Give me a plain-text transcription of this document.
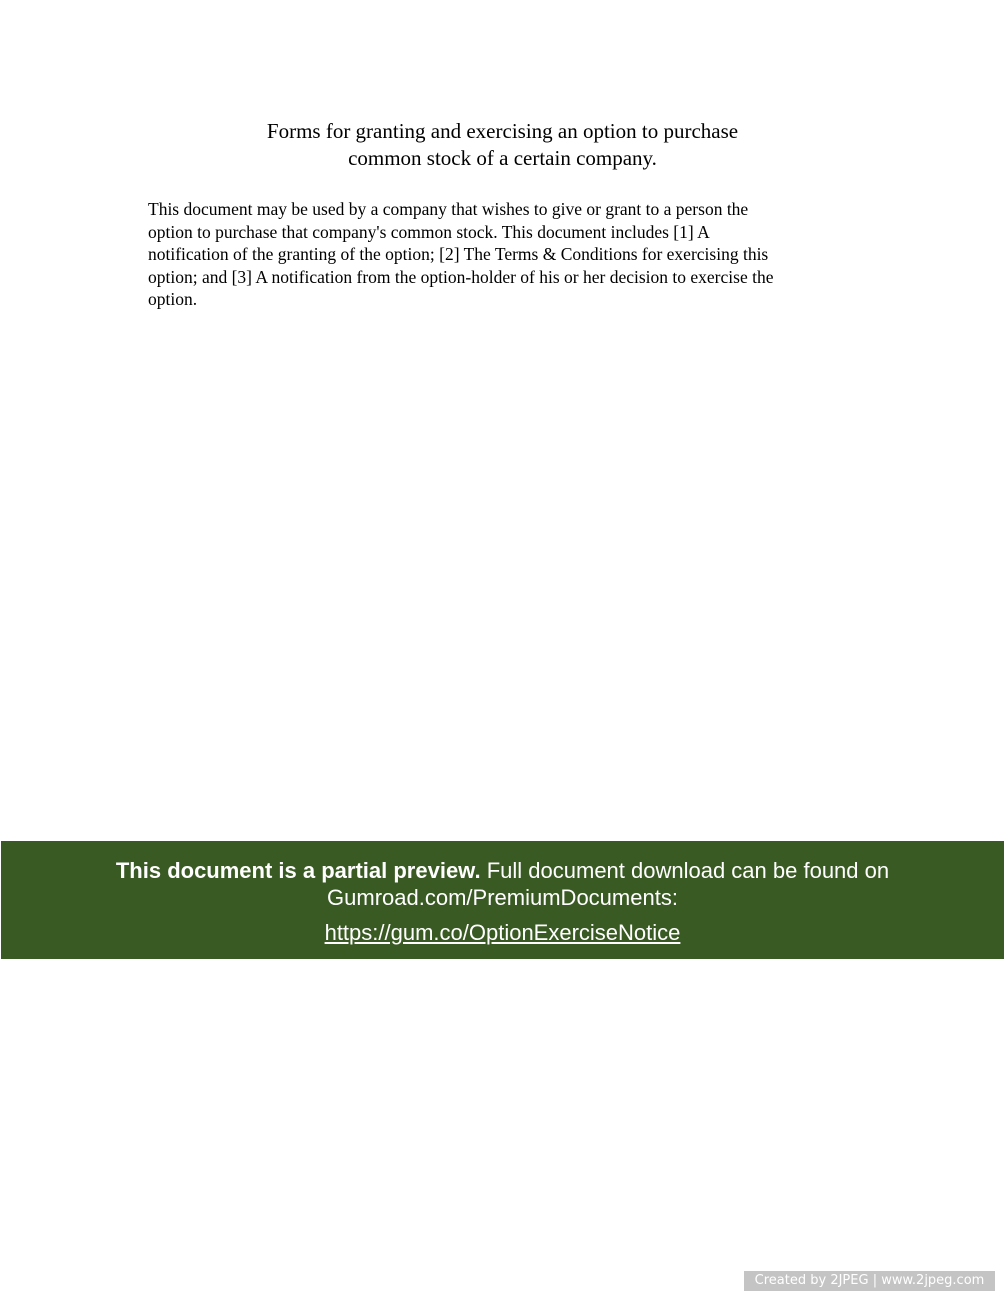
Forms for granting and exercising an option to purchase
common stock of a certain company.

This document may be used by a company that wishes to give or grant to a person the
option to purchase that company's common stock. This document includes [1] A
notification of the granting of the option; [2] The Terms & Conditions for exercising this
option; and [3] A notification from the option-holder of his or her decision to exercise the
option.

This document is a partial preview. Full document download can be found on
Gumroad.com/PremiumDocuments:
https://gum.co/OptionExerciseNotice
Created by 2JPEG | www.2jpeg.com
